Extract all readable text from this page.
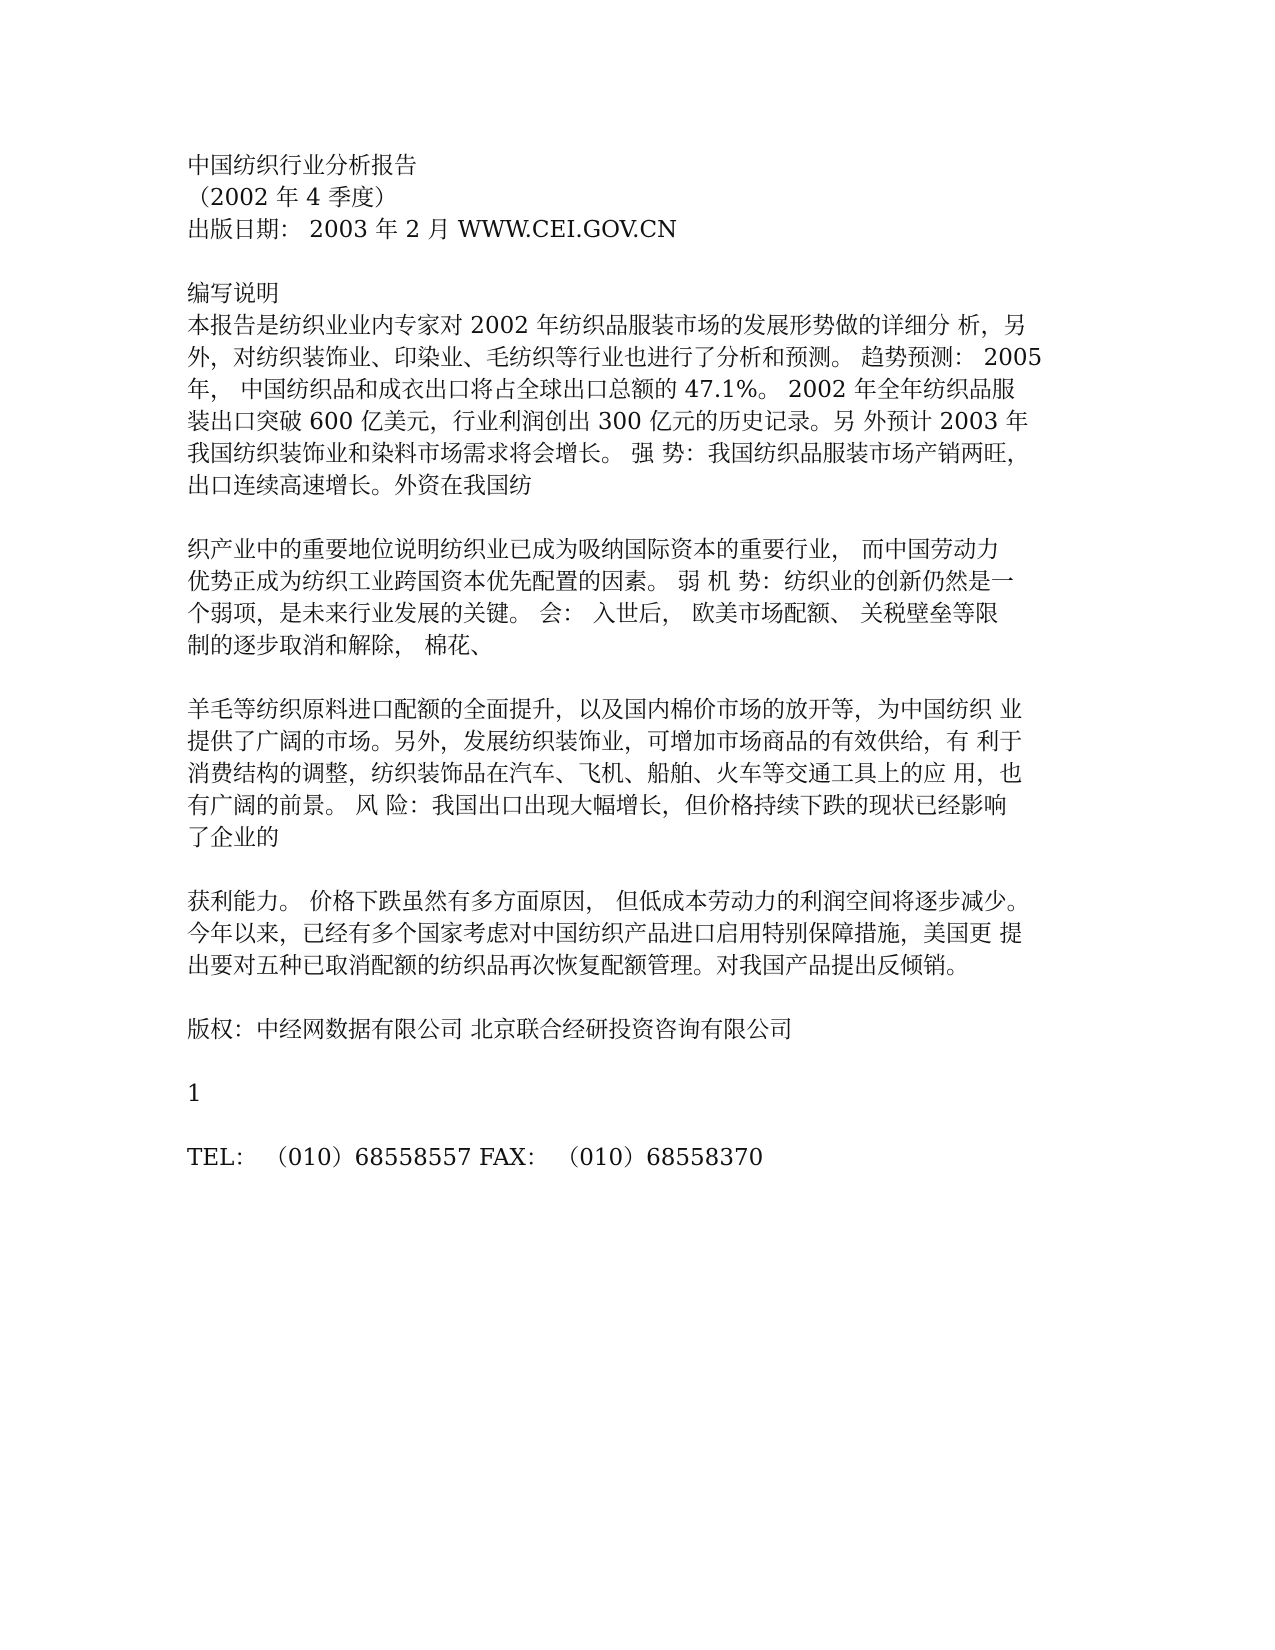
中国纺织行业分析报告

（2002 年 4 季度）

出版日期： 2003 年 2 月 WWW.CEI.GOV.CN

编写说明

本报告是纺织业业内专家对 2002 年纺织品服装市场的发展形势做的详细分 析，另

外，对纺织装饰业、印染业、毛纺织等行业也进行了分析和预测。 趋势预测： 2005

年， 中国纺织品和成衣出口将占全球出口总额的 47.1%。 2002 年全年纺织品服

装出口突破 600 亿美元，行业利润创出 300 亿元的历史记录。另 外预计 2003 年

我国纺织装饰业和染料市场需求将会增长。 强 势：我国纺织品服装市场产销两旺，

出口连续高速增长。外资在我国纺

织产业中的重要地位说明纺织业已成为吸纳国际资本的重要行业， 而中国劳动力

优势正成为纺织工业跨国资本优先配置的因素。 弱 机 势：纺织业的创新仍然是一

个弱项，是未来行业发展的关键。 会： 入世后， 欧美市场配额、 关税壁垒等限

制的逐步取消和解除， 棉花、

羊毛等纺织原料进口配额的全面提升，以及国内棉价市场的放开等，为中国纺织 业

提供了广阔的市场。另外，发展纺织装饰业，可增加市场商品的有效供给，有 利于

消费结构的调整，纺织装饰品在汽车、飞机、船舶、火车等交通工具上的应 用，也

有广阔的前景。 风 险：我国出口出现大幅增长，但价格持续下跌的现状已经影响

了企业的

获利能力。 价格下跌虽然有多方面原因， 但低成本劳动力的利润空间将逐步减少。

今年以来，已经有多个国家考虑对中国纺织产品进口启用特别保障措施，美国更 提

出要对五种已取消配额的纺织品再次恢复配额管理。对我国产品提出反倾销。

版权：中经网数据有限公司 北京联合经研投资咨询有限公司

1

TEL： （010）68558557 FAX： （010）68558370
